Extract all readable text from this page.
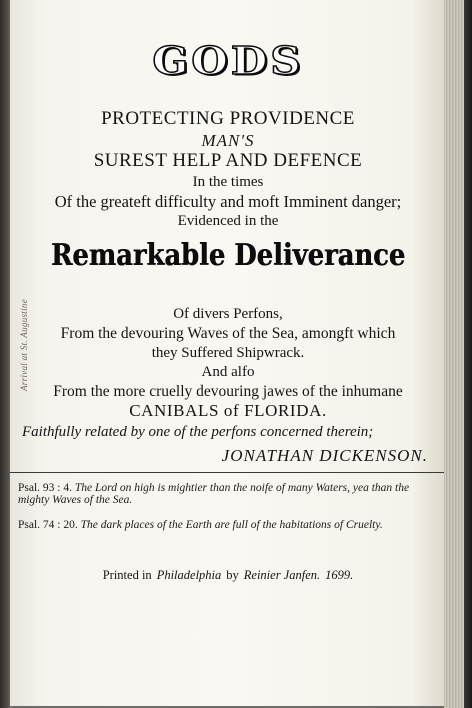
Arrival at St. Augustine
GODS
PROTECTING PROVIDENCE
MAN'S
SUREST HELP AND DEFENCE
In the times
Of the greateft difficulty and moft Imminent danger;
Evidenced in the
Remarkable Deliverance
Of divers Perfons,
From the devouring Waves of the Sea, amongft which
they Suffered Shipwrack.
And alfo
From the more cruelly devouring jawes of the inhumane
CANIBALS of FLORIDA.
Faithfully related by one of the perfons concerned therein;
JONATHAN DICKENSON.
Psal. 93 : 4. The Lord on high is mightier than the noife of many Waters, yea than the mighty Waves of the Sea.
Psal. 74 : 20. The dark places of the Earth are full of the habitations of Cruelty.
Printed in Philadelphia by Reinier Janfen. 1699.
